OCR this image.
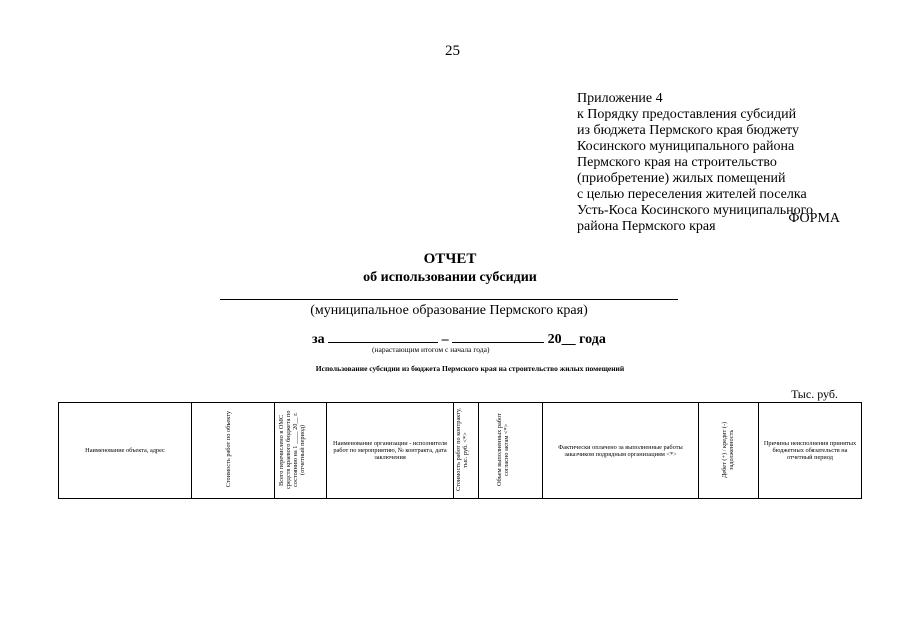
25
Приложение 4
к Порядку предоставления субсидий
из бюджета Пермского края бюджету
Косинского муниципального района
Пермского края на строительство
(приобретение) жилых помещений
с целью переселения жителей поселка
Усть-Коса Косинского муниципального
района Пермского края
ФОРМА
ОТЧЕТ
об использовании субсидии
(муниципальное образование Пермского края)
за	–	20__ года
(нарастающим итогом с начала года)
Использование субсидии из бюджета Пермского края на строительство жилых помещений
Тыс. руб.
Наименование объекта, адрес	Стоимость работ по объекту	Всего перечислено в ОМС средств краевого бюджета по состоянию на 1 ____ 20__ г. (отчетный период)	Наименование организации - исполнителя работ по мероприятию, № контракта, дата заключения	Стоимость работ по контракту, тыс. руб. <*>	Объем выполненных работ согласно актам <*>	Фактически оплачено за выполненные работы заказчиком подрядным организациям <*>	Дебет (+) / кредит (-) задолженность	Причины неисполнения принятых бюджетных обязательств на отчетный период
